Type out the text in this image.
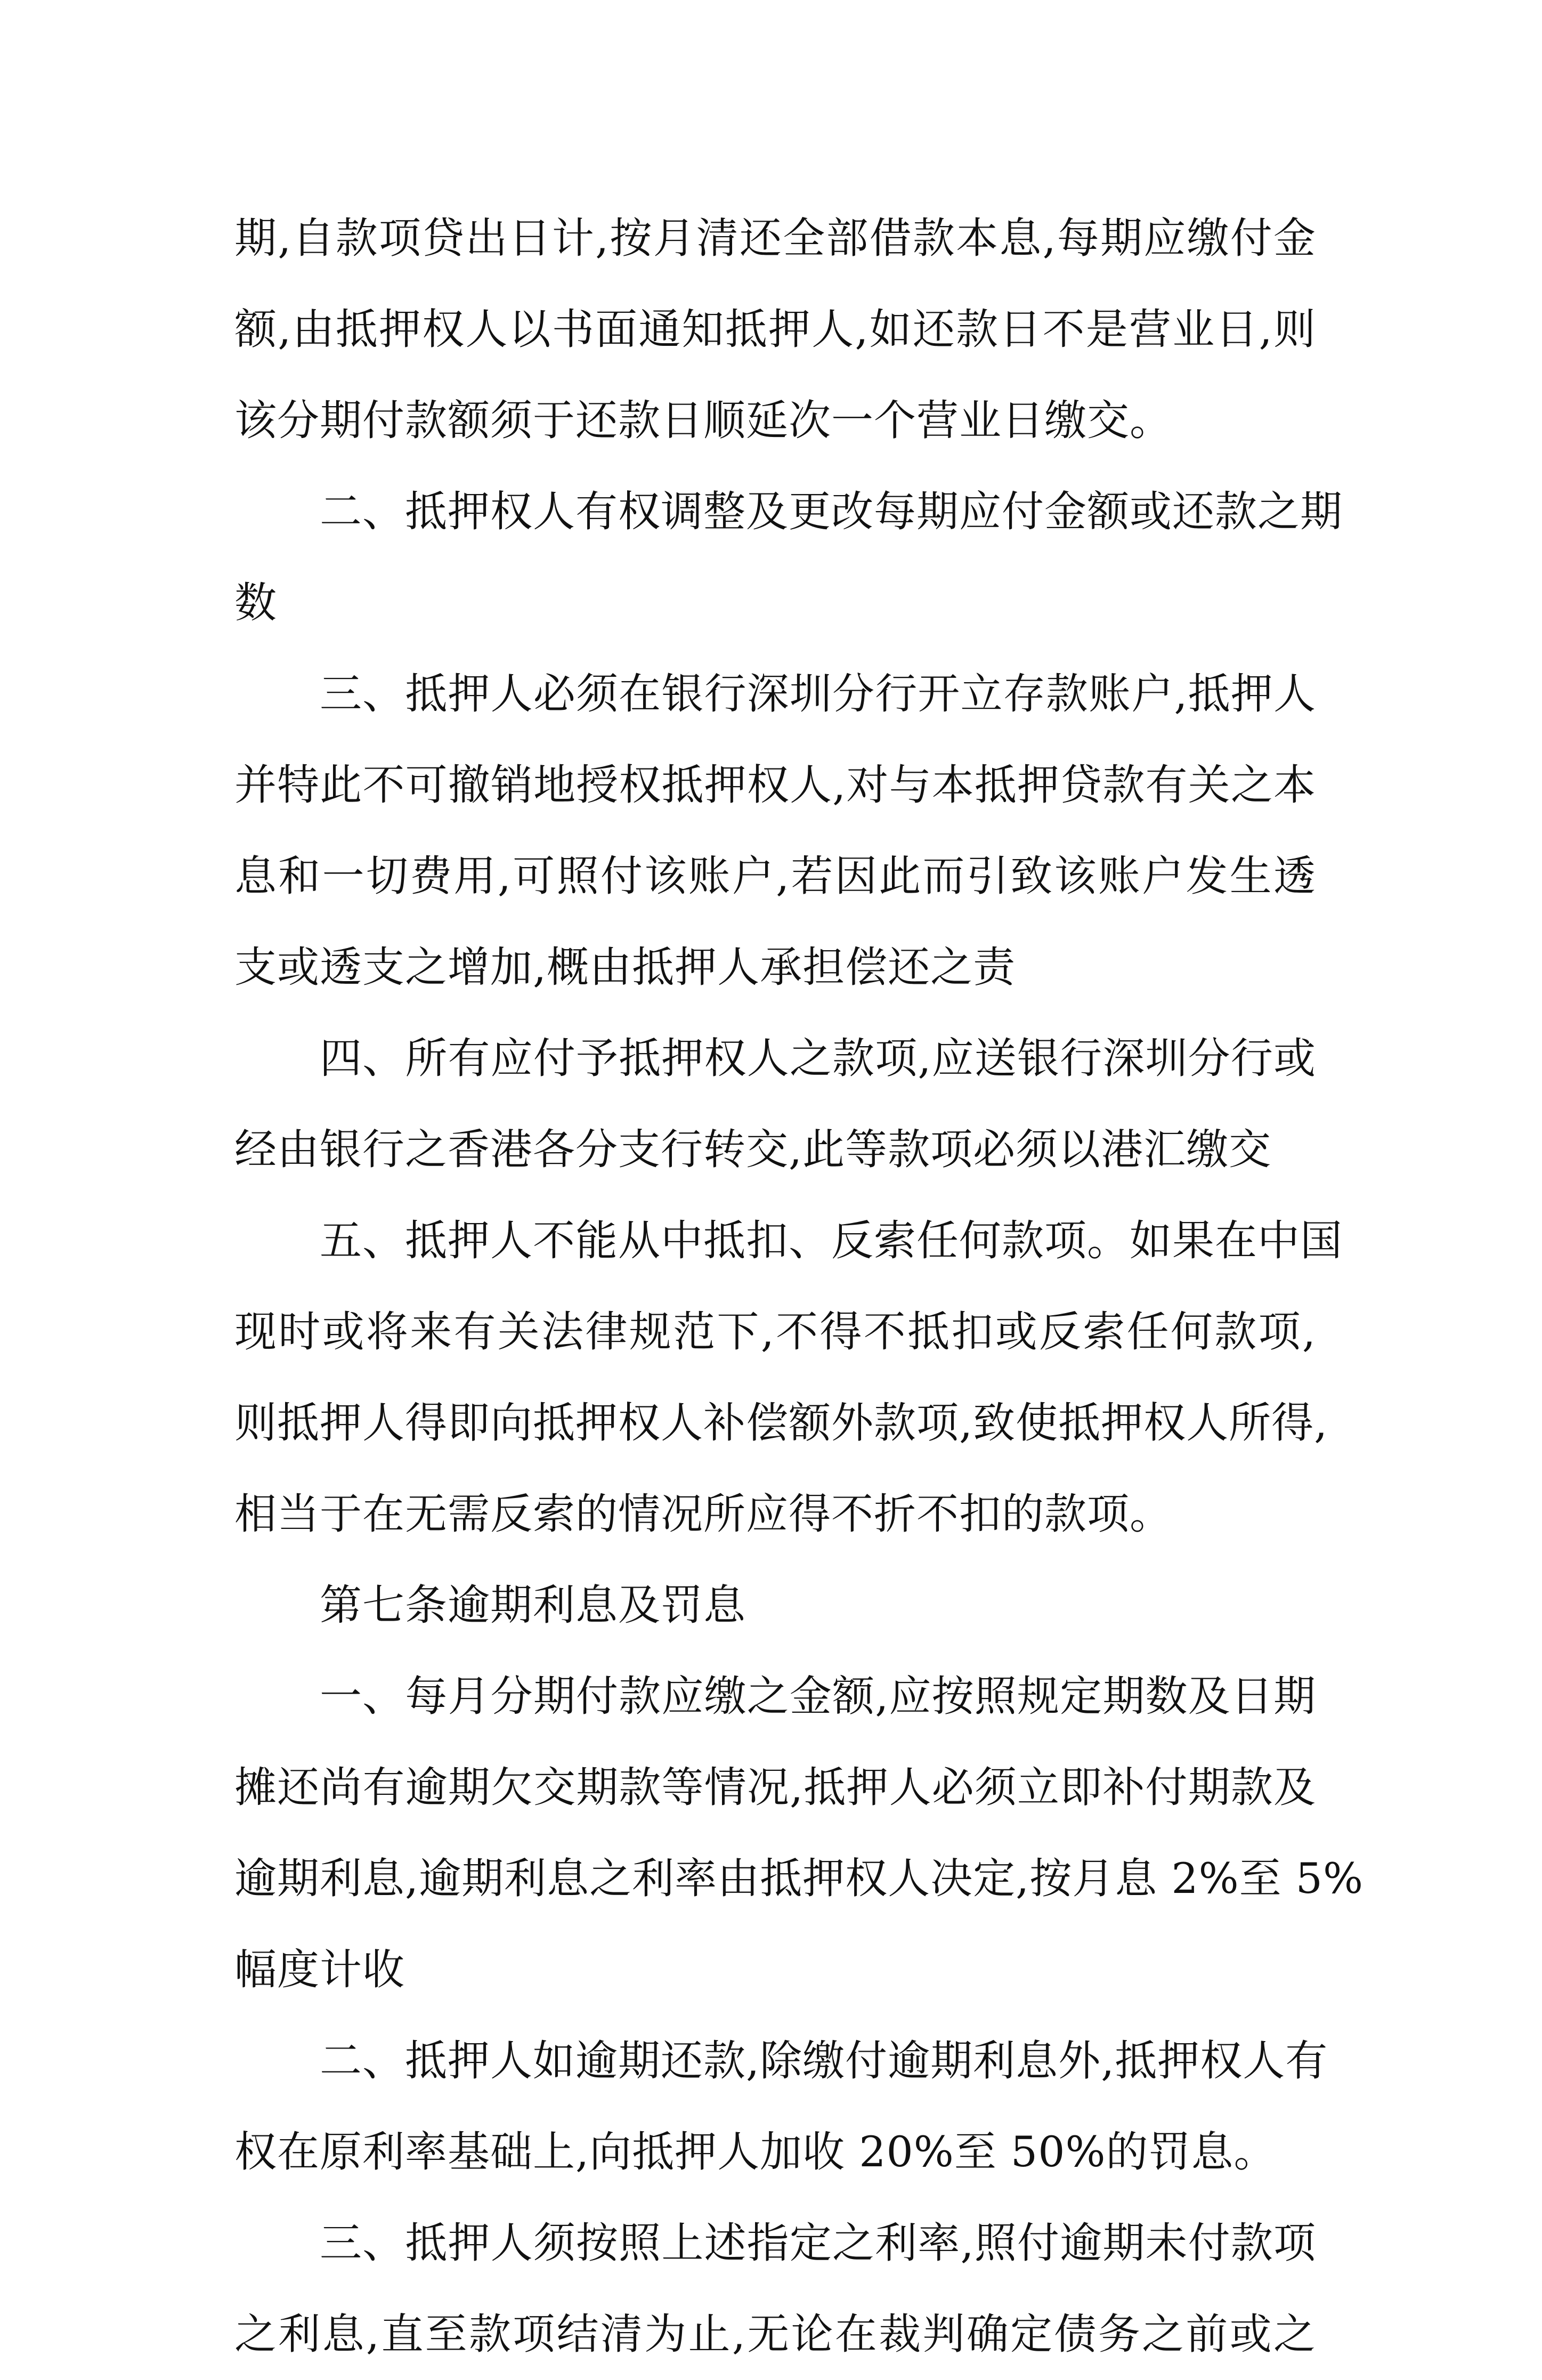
期,自款项贷出日计,按月清还全部借款本息,每期应缴付金
额,由抵押权人以书面通知抵押人,如还款日不是营业日,则
该分期付款额须于还款日顺延次一个营业日缴交。
二、抵押权人有权调整及更改每期应付金额或还款之期
数
三、抵押人必须在银行深圳分行开立存款账户,抵押人
并特此不可撤销地授权抵押权人,对与本抵押贷款有关之本
息和一切费用,可照付该账户,若因此而引致该账户发生透
支或透支之增加,概由抵押人承担偿还之责
四、所有应付予抵押权人之款项,应送银行深圳分行或
经由银行之香港各分支行转交,此等款项必须以港汇缴交
五、抵押人不能从中抵扣、反索任何款项。如果在中国
现时或将来有关法律规范下,不得不抵扣或反索任何款项,
则抵押人得即向抵押权人补偿额外款项,致使抵押权人所得,
相当于在无需反索的情况所应得不折不扣的款项。
第七条逾期利息及罚息
一、每月分期付款应缴之金额,应按照规定期数及日期
摊还尚有逾期欠交期款等情况,抵押人必须立即补付期款及
逾期利息,逾期利息之利率由抵押权人决定,按月息 2%至 5%
幅度计收
二、抵押人如逾期还款,除缴付逾期利息外,抵押权人有
权在原利率基础上,向抵押人加收 20%至 50%的罚息。
三、抵押人须按照上述指定之利率,照付逾期未付款项
之利息,直至款项结清为止,无论在裁判确定债务之前或之
